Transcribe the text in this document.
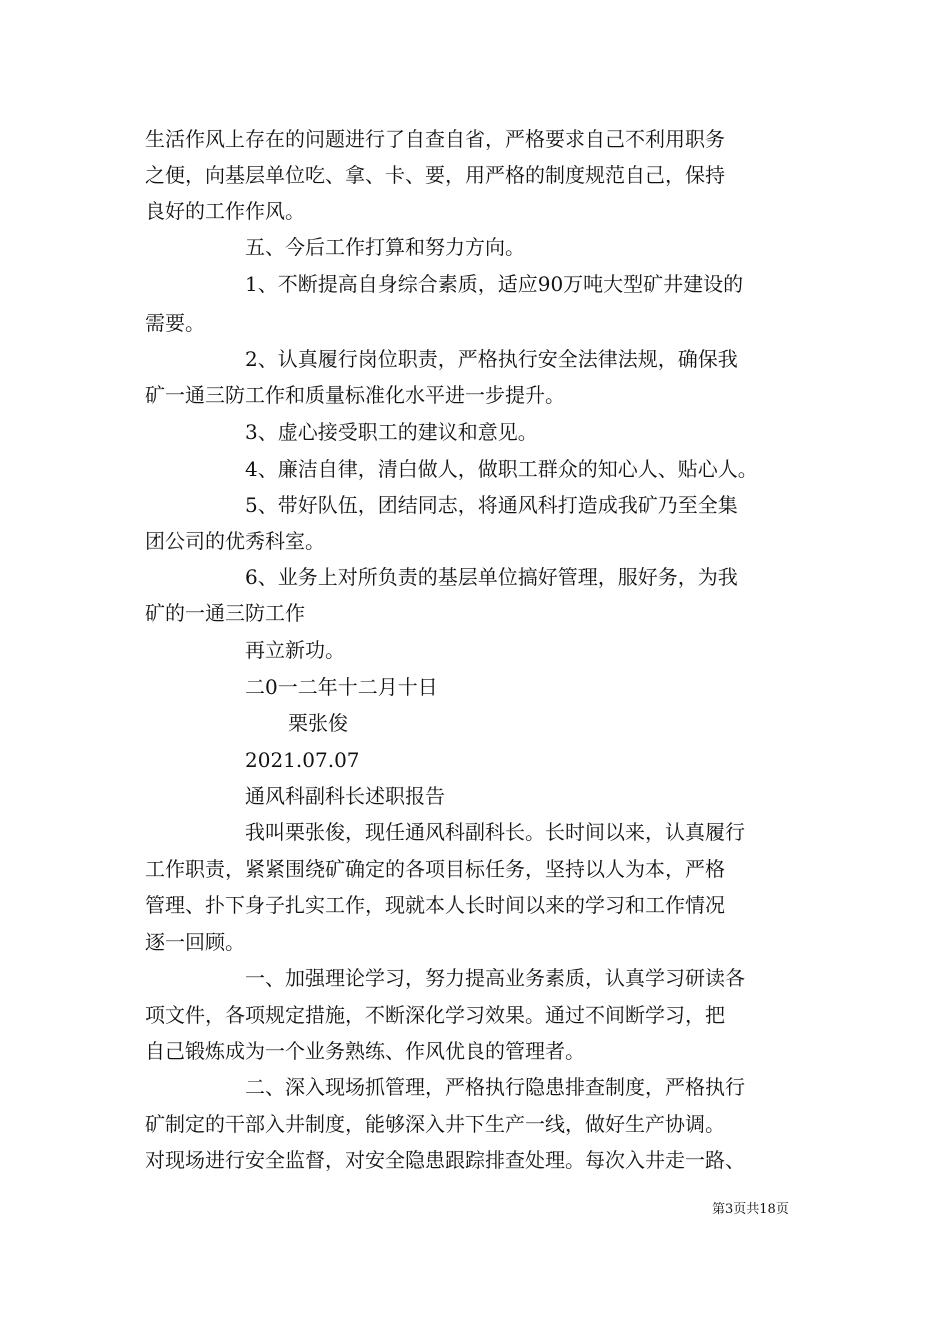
生活作风上存在的问题进行了自查自省，严格要求自己不利用职务
之便，向基层单位吃、拿、卡、要，用严格的制度规范自己，保持
良好的工作作风。
五、今后工作打算和努力方向。
1、不断提高自身综合素质，适应90万吨大型矿井建设的
需要。
2、认真履行岗位职责，严格执行安全法律法规，确保我
矿一通三防工作和质量标准化水平进一步提升。
3、虚心接受职工的建议和意见。
4、廉洁自律，清白做人，做职工群众的知心人、贴心人。
5、带好队伍，团结同志，将通风科打造成我矿乃至全集
团公司的优秀科室。
6、业务上对所负责的基层单位搞好管理，服好务，为我
矿的一通三防工作
再立新功。
二0一二年十二月十日
栗张俊
2021.07.07
通风科副科长述职报告
我叫栗张俊，现任通风科副科长。长时间以来，认真履行
工作职责，紧紧围绕矿确定的各项目标任务，坚持以人为本，严格
管理、扑下身子扎实工作，现就本人长时间以来的学习和工作情况
逐一回顾。
一、加强理论学习，努力提高业务素质，认真学习研读各
项文件，各项规定措施，不断深化学习效果。通过不间断学习，把
自己锻炼成为一个业务熟练、作风优良的管理者。
二、深入现场抓管理，严格执行隐患排查制度，严格执行
矿制定的干部入井制度，能够深入井下生产一线，做好生产协调。
对现场进行安全监督，对安全隐患跟踪排查处理。每次入井走一路、
第3页共18页
